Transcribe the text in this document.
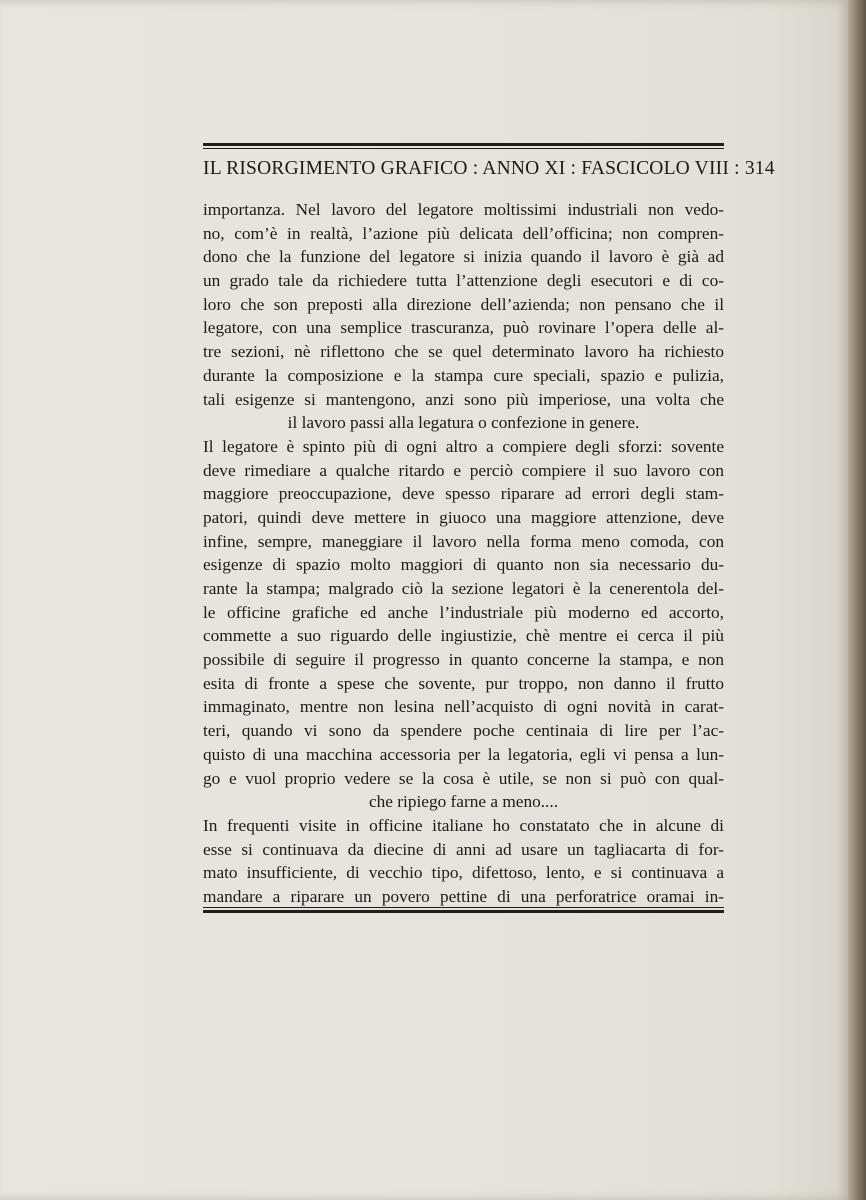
IL RISORGIMENTO GRAFICO : ANNO XI : FASCICOLO VIII : 314
importanza. Nel lavoro del legatore moltissimi industriali non vedo-
no, com’è in realtà, l’azione più delicata dell’officina; non compren-
dono che la funzione del legatore si inizia quando il lavoro è già ad
un grado tale da richiedere tutta l’attenzione degli esecutori e di co-
loro che son preposti alla direzione dell’azienda; non pensano che il
legatore, con una semplice trascuranza, può rovinare l’opera delle al-
tre sezioni, nè riflettono che se quel determinato lavoro ha richiesto
durante la composizione e la stampa cure speciali, spazio e pulizia,
tali esigenze si mantengono, anzi sono più imperiose, una volta che
il lavoro passi alla legatura o confezione in genere.
Il legatore è spinto più di ogni altro a compiere degli sforzi: sovente
deve rimediare a qualche ritardo e perciò compiere il suo lavoro con
maggiore preoccupazione, deve spesso riparare ad errori degli stam-
patori, quindi deve mettere in giuoco una maggiore attenzione, deve
infine, sempre, maneggiare il lavoro nella forma meno comoda, con
esigenze di spazio molto maggiori di quanto non sia necessario du-
rante la stampa; malgrado ciò la sezione legatori è la cenerentola del-
le officine grafiche ed anche l’industriale più moderno ed accorto,
commette a suo riguardo delle ingiustizie, chè mentre ei cerca il più
possibile di seguire il progresso in quanto concerne la stampa, e non
esita di fronte a spese che sovente, pur troppo, non danno il frutto
immaginato, mentre non lesina nell’acquisto di ogni novità in carat-
teri, quando vi sono da spendere poche centinaia di lire per l’ac-
quisto di una macchina accessoria per la legatoria, egli vi pensa a lun-
go e vuol proprio vedere se la cosa è utile, se non si può con qual-
che ripiego farne a meno....
In frequenti visite in officine italiane ho constatato che in alcune di
esse si continuava da diecine di anni ad usare un tagliacarta di for-
mato insufficiente, di vecchio tipo, difettoso, lento, e si continuava a
mandare a riparare un povero pettine di una perforatrice oramai in-
